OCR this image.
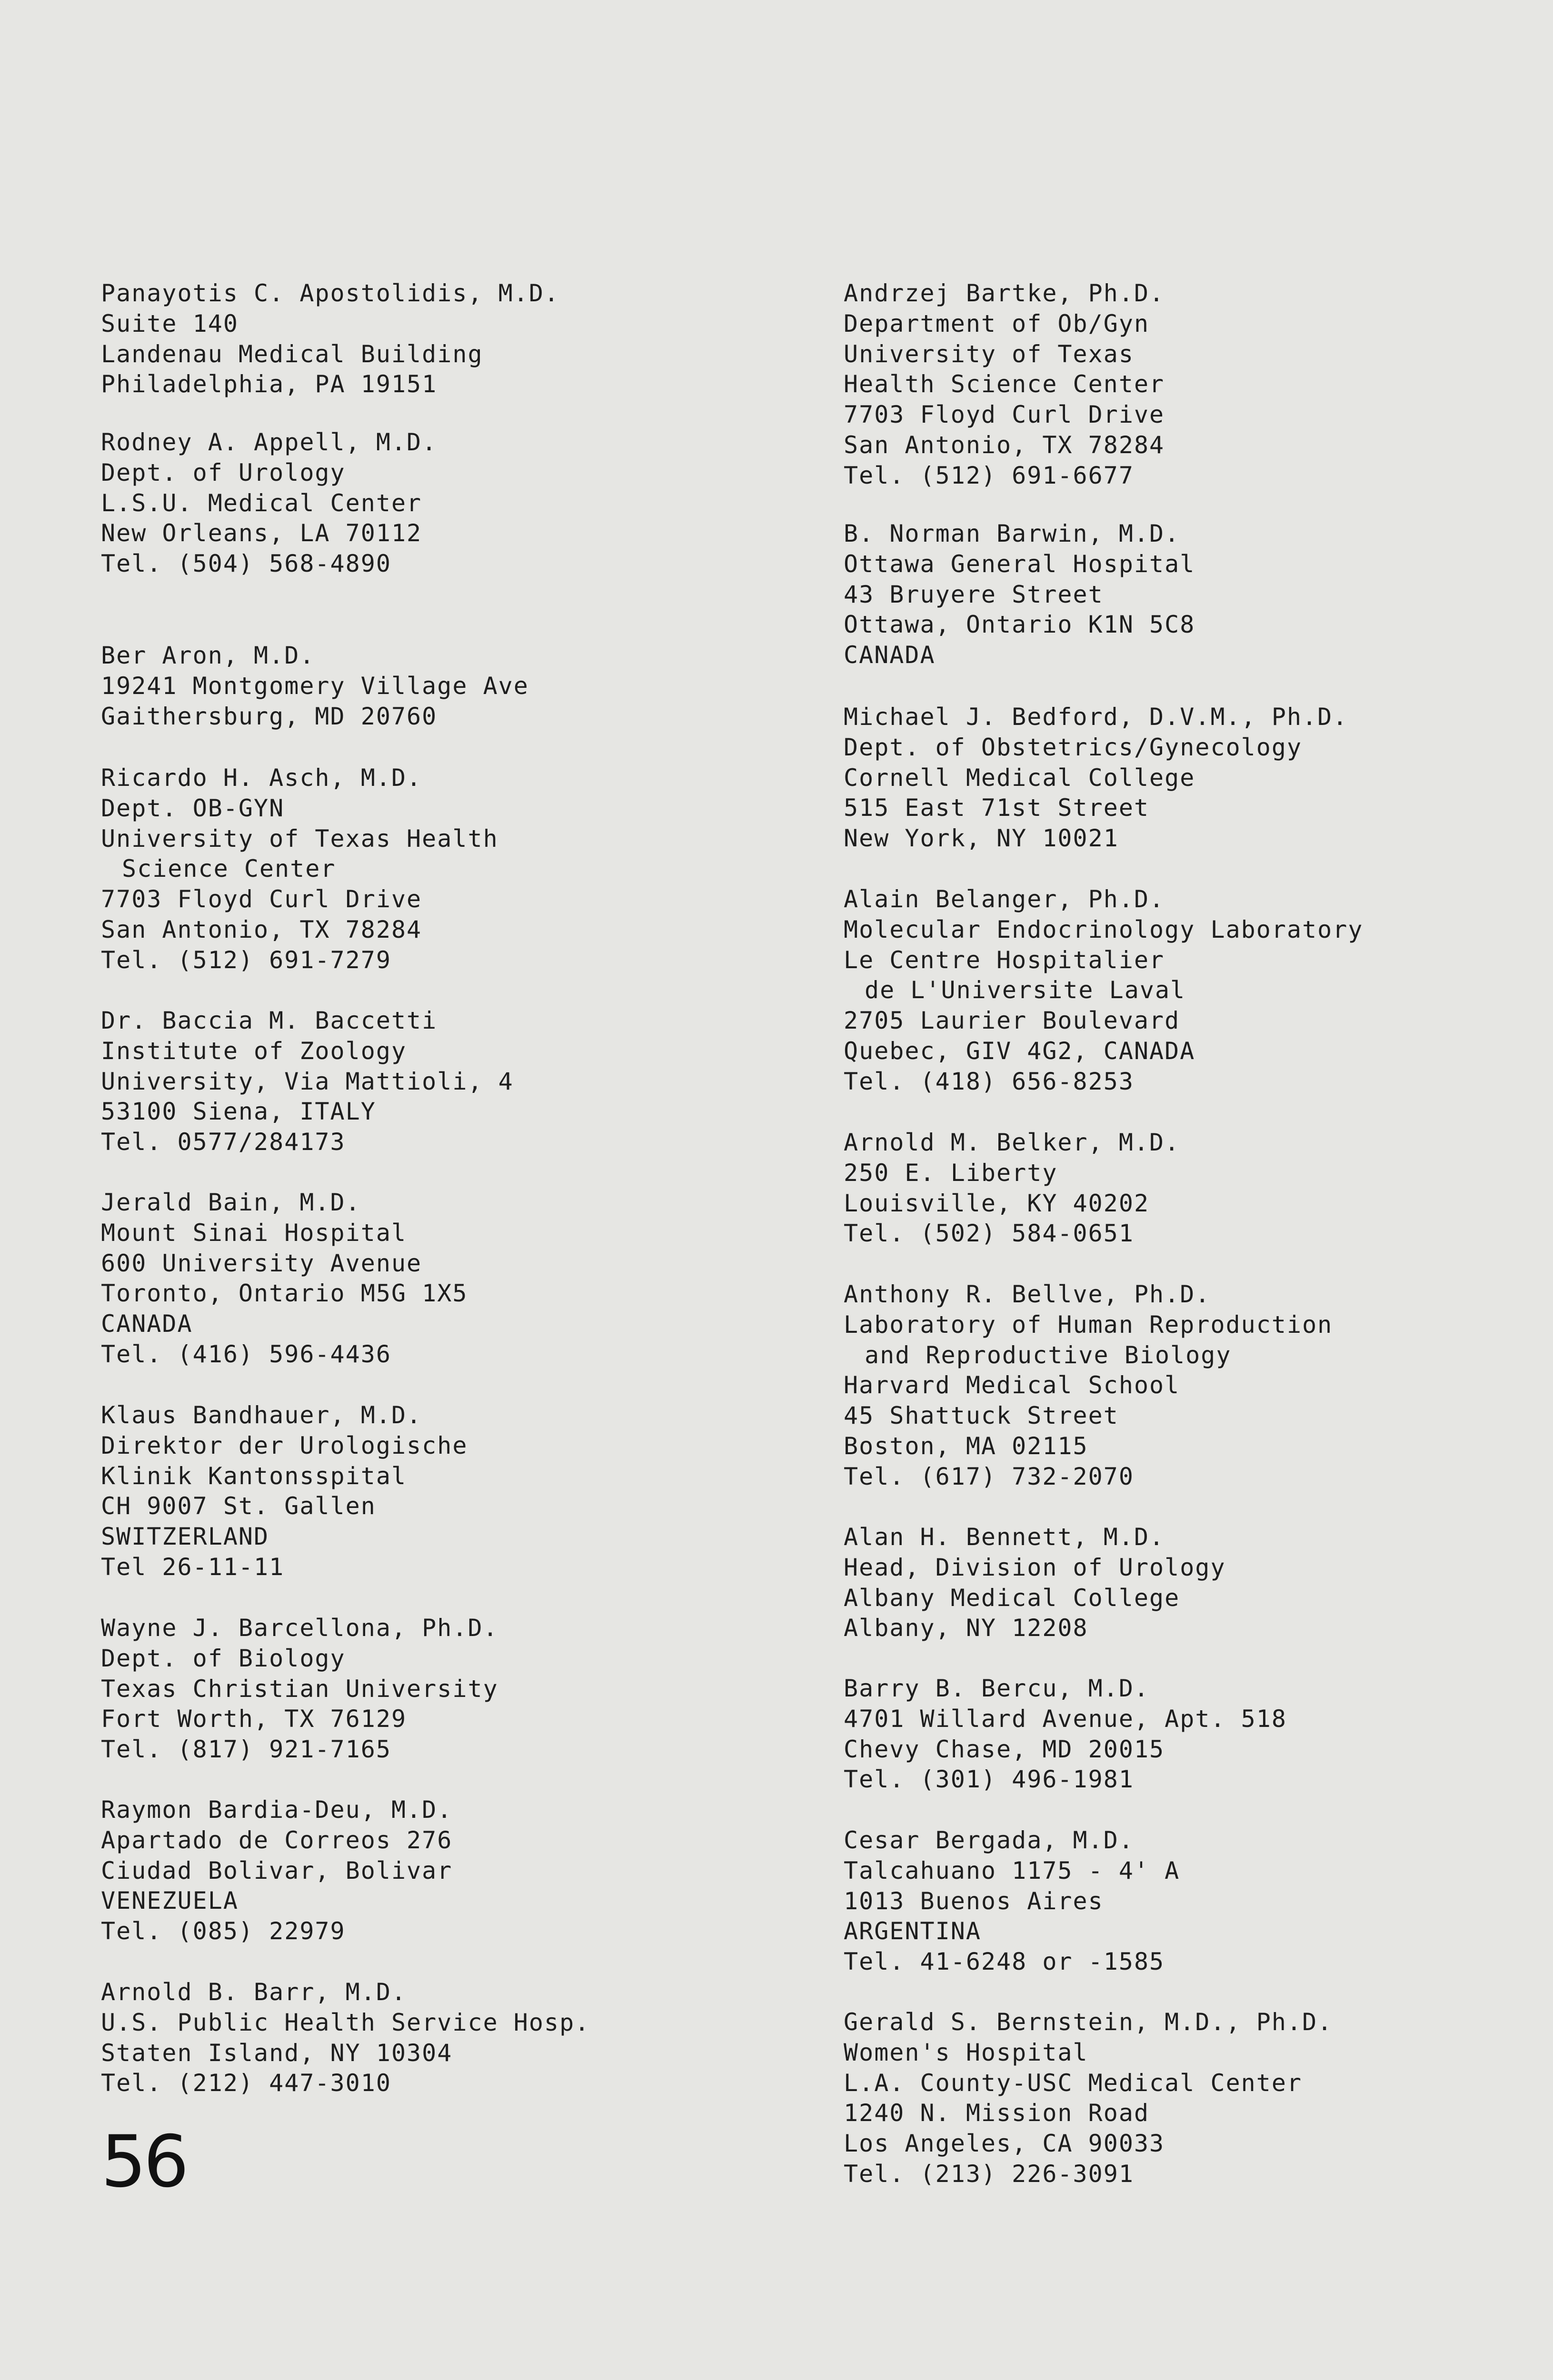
Panayotis C. Apostolidis, M.D.
Suite 140
Landenau Medical Building
Philadelphia, PA 19151
Rodney A. Appell, M.D.
Dept. of Urology
L.S.U. Medical Center
New Orleans, LA 70112
Tel. (504) 568-4890
Ber Aron, M.D.
19241 Montgomery Village Ave
Gaithersburg, MD 20760
Ricardo H. Asch, M.D.
Dept. OB-GYN
University of Texas Health
Science Center
7703 Floyd Curl Drive
San Antonio, TX 78284
Tel. (512) 691-7279
Dr. Baccia M. Baccetti
Institute of Zoology
University, Via Mattioli, 4
53100 Siena, ITALY
Tel. 0577/284173
Jerald Bain, M.D.
Mount Sinai Hospital
600 University Avenue
Toronto, Ontario M5G 1X5
CANADA
Tel. (416) 596-4436
Klaus Bandhauer, M.D.
Direktor der Urologische
Klinik Kantonsspital
CH 9007 St. Gallen
SWITZERLAND
Tel 26-11-11
Wayne J. Barcellona, Ph.D.
Dept. of Biology
Texas Christian University
Fort Worth, TX 76129
Tel. (817) 921-7165
Raymon Bardia-Deu, M.D.
Apartado de Correos 276
Ciudad Bolivar, Bolivar
VENEZUELA
Tel. (085) 22979
Arnold B. Barr, M.D.
U.S. Public Health Service Hosp.
Staten Island, NY 10304
Tel. (212) 447-3010
Andrzej Bartke, Ph.D.
Department of Ob/Gyn
University of Texas
Health Science Center
7703 Floyd Curl Drive
San Antonio, TX 78284
Tel. (512) 691-6677
B. Norman Barwin, M.D.
Ottawa General Hospital
43 Bruyere Street
Ottawa, Ontario K1N 5C8
CANADA
Michael J. Bedford, D.V.M., Ph.D.
Dept. of Obstetrics/Gynecology
Cornell Medical College
515 East 71st Street
New York, NY 10021
Alain Belanger, Ph.D.
Molecular Endocrinology Laboratory
Le Centre Hospitalier
de L'Universite Laval
2705 Laurier Boulevard
Quebec, GIV 4G2, CANADA
Tel. (418) 656-8253
Arnold M. Belker, M.D.
250 E. Liberty
Louisville, KY 40202
Tel. (502) 584-0651
Anthony R. Bellve, Ph.D.
Laboratory of Human Reproduction
and Reproductive Biology
Harvard Medical School
45 Shattuck Street
Boston, MA 02115
Tel. (617) 732-2070
Alan H. Bennett, M.D.
Head, Division of Urology
Albany Medical College
Albany, NY 12208
Barry B. Bercu, M.D.
4701 Willard Avenue, Apt. 518
Chevy Chase, MD 20015
Tel. (301) 496-1981
Cesar Bergada, M.D.
Talcahuano 1175 - 4' A
1013 Buenos Aires
ARGENTINA
Tel. 41-6248 or -1585
Gerald S. Bernstein, M.D., Ph.D.
Women's Hospital
L.A. County-USC Medical Center
1240 N. Mission Road
Los Angeles, CA 90033
Tel. (213) 226-3091
56
